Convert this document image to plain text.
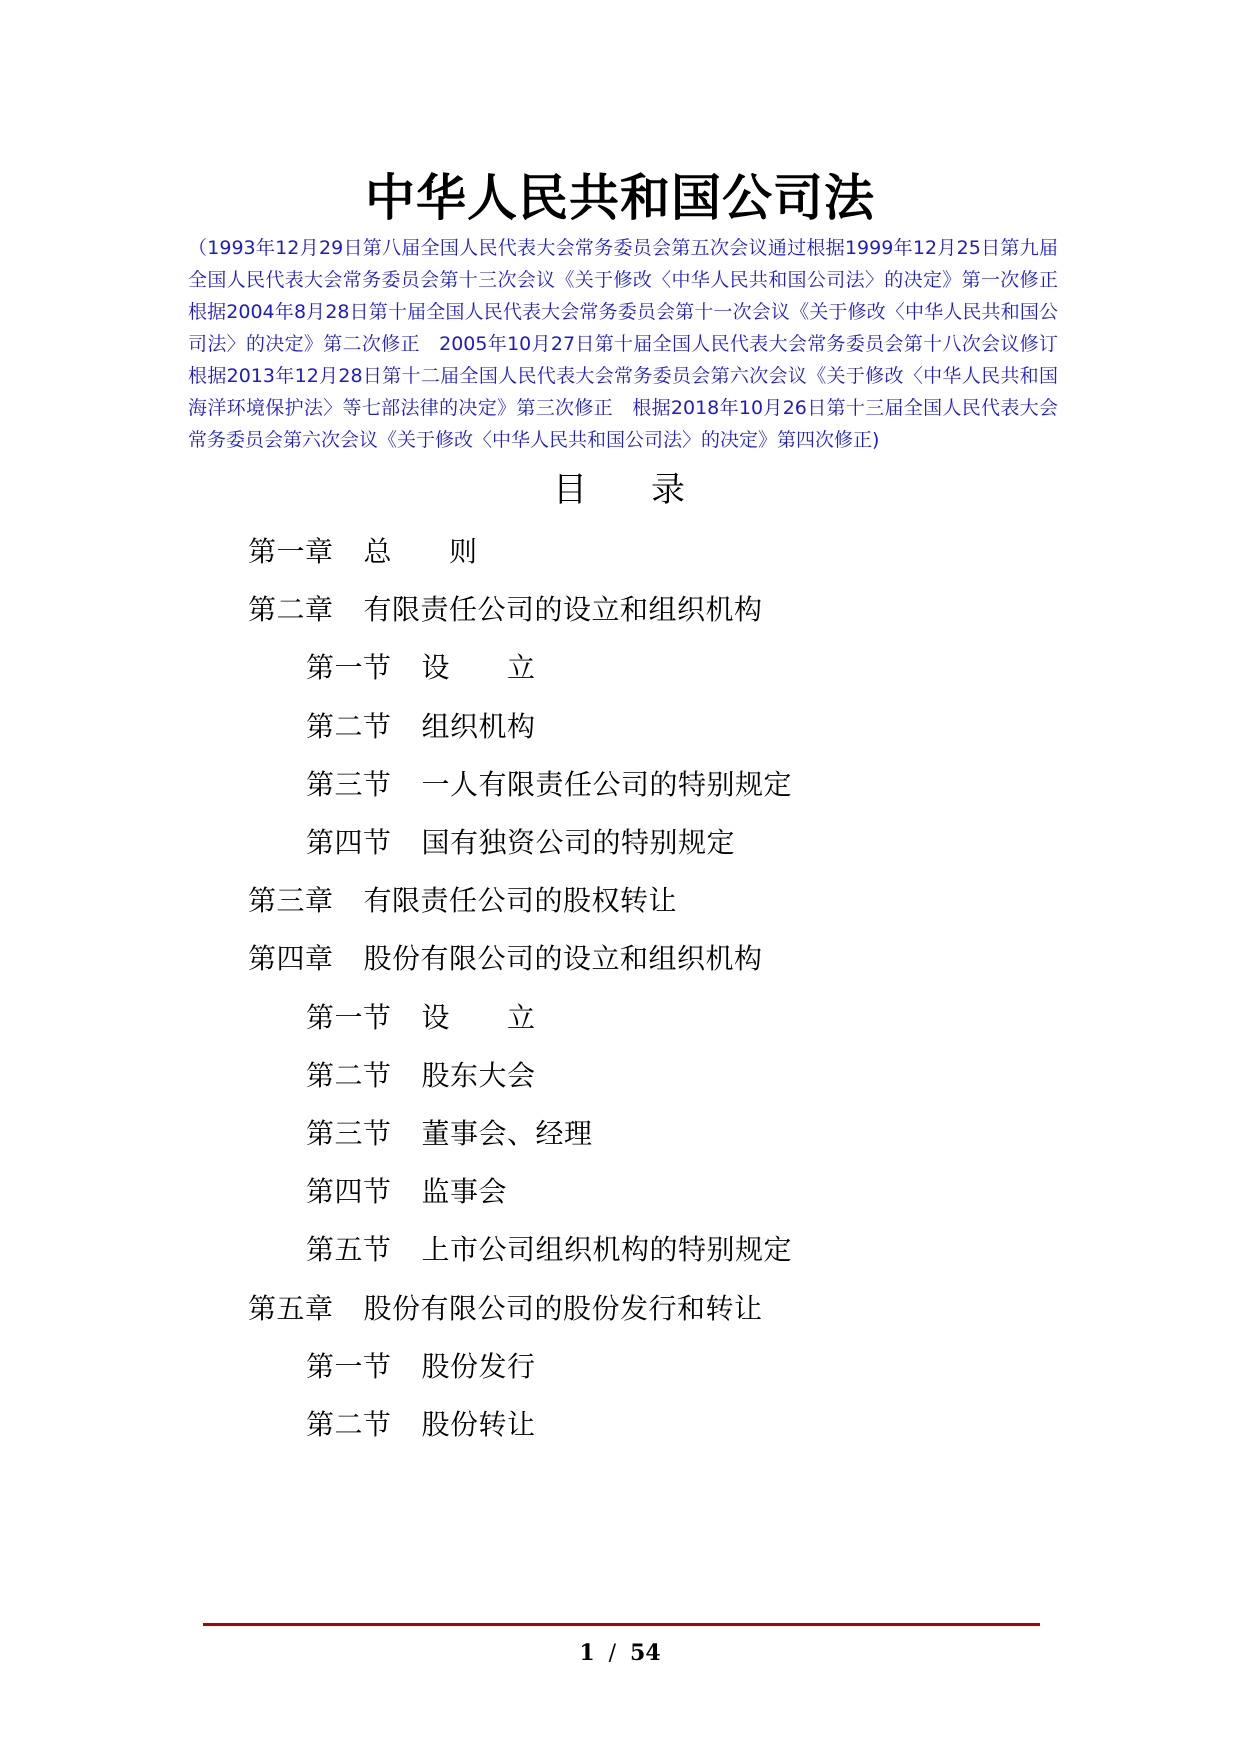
中华人民共和国公司法
（1993年12月29日第八届全国人民代表大会常务委员会第五次会议通过根据1999年12月25日第九届全国人民代表大会常务委员会第十三次会议《关于修改〈中华人民共和国公司法〉的决定》第一次修正　根据2004年8月28日第十届全国人民代表大会常务委员会第十一次会议《关于修改〈中华人民共和国公司法〉的决定》第二次修正　2005年10月27日第十届全国人民代表大会常务委员会第十八次会议修订　根据2013年12月28日第十二届全国人民代表大会常务委员会第六次会议《关于修改〈中华人民共和国海洋环境保护法〉等七部法律的决定》第三次修正　根据2018年10月26日第十三届全国人民代表大会常务委员会第六次会议《关于修改〈中华人民共和国公司法〉的决定》第四次修正)
目 录
第一章 总　　则
第二章 有限责任公司的设立和组织机构
第一节 设　　立
第二节 组织机构
第三节 一人有限责任公司的特别规定
第四节 国有独资公司的特别规定
第三章 有限责任公司的股权转让
第四章 股份有限公司的设立和组织机构
第一节 设　　立
第二节 股东大会
第三节 董事会、经理
第四节 监事会
第五节 上市公司组织机构的特别规定
第五章 股份有限公司的股份发行和转让
第一节 股份发行
第二节 股份转让
1 / 54
